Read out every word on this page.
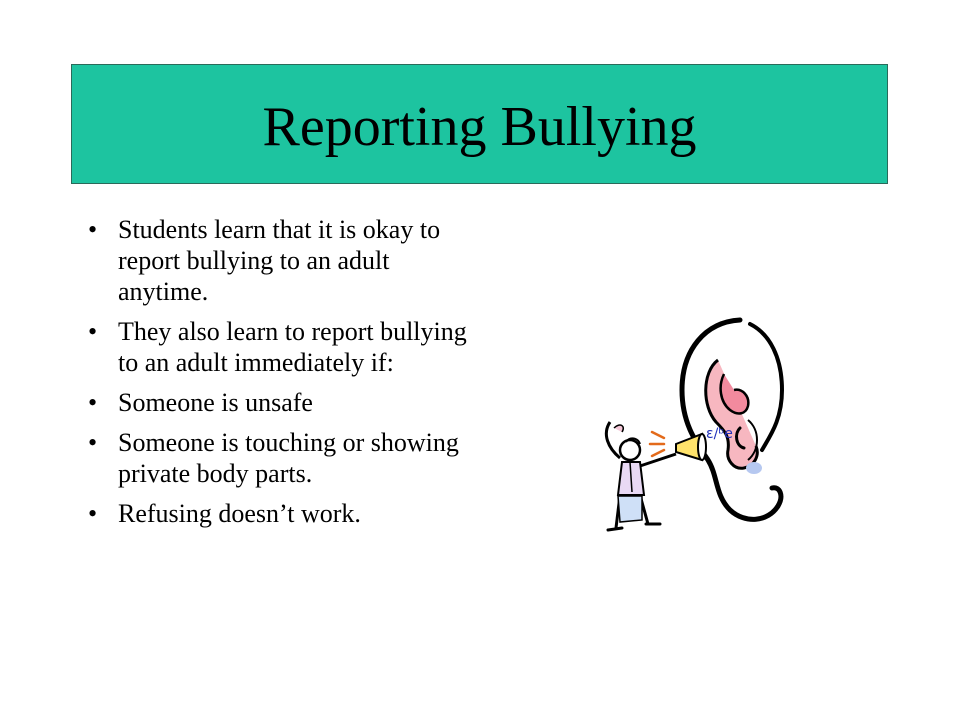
Reporting Bullying
• Students learn that it is okay to report bullying to an adult anytime.
• They also learn to report bullying to an adult immediately if:
• Someone is unsafe
• Someone is touching or showing private body parts.
• Refusing doesn’t work.
ε/ᵇe
